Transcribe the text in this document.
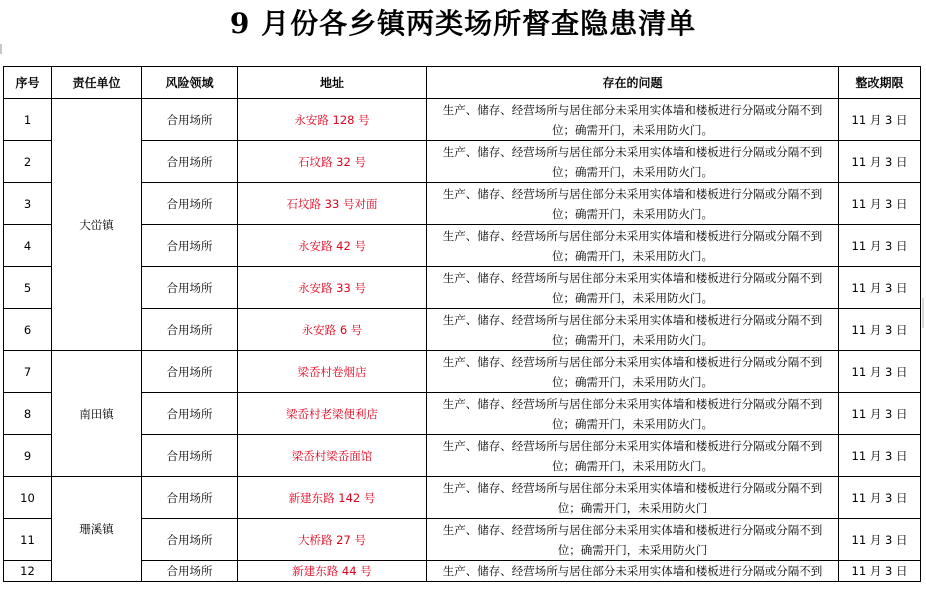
9 月份各乡镇两类场所督查隐患清单
序号	责任单位	风险领域	地址	存在的问题	整改期限
1	大峃镇	合用场所	永安路 128 号	生产、储存、经营场所与居住部分未采用实体墙和楼板进行分隔或分隔不到
位；确需开门，未采用防火门。	11 月 3 日
2		合用场所	石坟路 32 号	生产、储存、经营场所与居住部分未采用实体墙和楼板进行分隔或分隔不到
位；确需开门，未采用防火门。	11 月 3 日
3		合用场所	石坟路 33 号对面	生产、储存、经营场所与居住部分未采用实体墙和楼板进行分隔或分隔不到
位；确需开门，未采用防火门。	11 月 3 日
4		合用场所	永安路 42 号	生产、储存、经营场所与居住部分未采用实体墙和楼板进行分隔或分隔不到
位；确需开门，未采用防火门。	11 月 3 日
5		合用场所	永安路 33 号	生产、储存、经营场所与居住部分未采用实体墙和楼板进行分隔或分隔不到
位；确需开门，未采用防火门。	11 月 3 日
6		合用场所	永安路 6 号	生产、储存、经营场所与居住部分未采用实体墙和楼板进行分隔或分隔不到
位；确需开门，未采用防火门。	11 月 3 日
7	南田镇	合用场所	梁岙村卷烟店	生产、储存、经营场所与居住部分未采用实体墙和楼板进行分隔或分隔不到
位；确需开门，未采用防火门。	11 月 3 日
8		合用场所	梁岙村老梁便利店	生产、储存、经营场所与居住部分未采用实体墙和楼板进行分隔或分隔不到
位；确需开门，未采用防火门。	11 月 3 日
9		合用场所	梁岙村梁岙面馆	生产、储存、经营场所与居住部分未采用实体墙和楼板进行分隔或分隔不到
位；确需开门，未采用防火门。	11 月 3 日
10	珊溪镇	合用场所	新建东路 142 号	生产、储存、经营场所与居住部分未采用实体墙和楼板进行分隔或分隔不到
位；确需开门，未采用防火门	11 月 3 日
11		合用场所	大桥路 27 号	生产、储存、经营场所与居住部分未采用实体墙和楼板进行分隔或分隔不到
位；确需开门，未采用防火门	11 月 3 日
12		合用场所	新建东路 44 号	生产、储存、经营场所与居住部分未采用实体墙和楼板进行分隔或分隔不到	11 月 3 日
